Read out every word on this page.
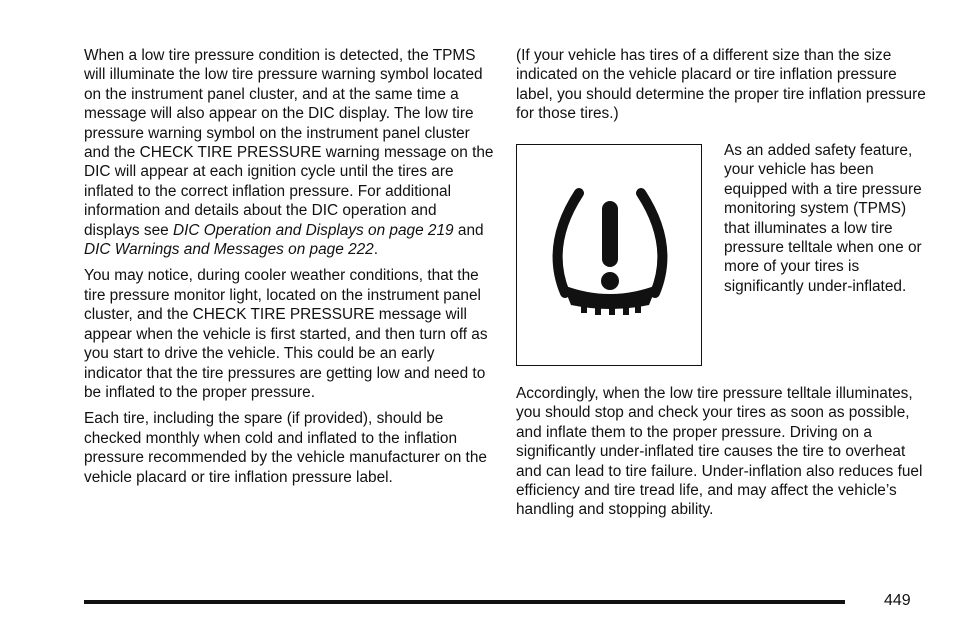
When a low tire pressure condition is detected, the TPMS will illuminate the low tire pressure warning symbol located on the instrument panel cluster, and at the same time a message will also appear on the DIC display. The low tire pressure warning symbol on the instrument panel cluster and the CHECK TIRE PRESSURE warning message on the DIC will appear at each ignition cycle until the tires are inflated to the correct inflation pressure. For additional information and details about the DIC operation and displays see DIC Operation and Displays on page 219 and DIC Warnings and Messages on page 222.

You may notice, during cooler weather conditions, that the tire pressure monitor light, located on the instrument panel cluster, and the CHECK TIRE PRESSURE message will appear when the vehicle is first started, and then turn off as you start to drive the vehicle. This could be an early indicator that the tire pressures are getting low and need to be inflated to the proper pressure.

Each tire, including the spare (if provided), should be checked monthly when cold and inflated to the inflation pressure recommended by the vehicle manufacturer on the vehicle placard or tire inflation pressure label.

(If your vehicle has tires of a different size than the size indicated on the vehicle placard or tire inflation pressure label, you should determine the proper tire inflation pressure for those tires.)

As an added safety feature, your vehicle has been equipped with a tire pressure monitoring system (TPMS) that illuminates a low tire pressure telltale when one or more of your tires is significantly under-inflated.

Accordingly, when the low tire pressure telltale illuminates, you should stop and check your tires as soon as possible, and inflate them to the proper pressure. Driving on a significantly under-inflated tire causes the tire to overheat and can lead to tire failure. Under-inflation also reduces fuel efficiency and tire tread life, and may affect the vehicle’s handling and stopping ability.

449
